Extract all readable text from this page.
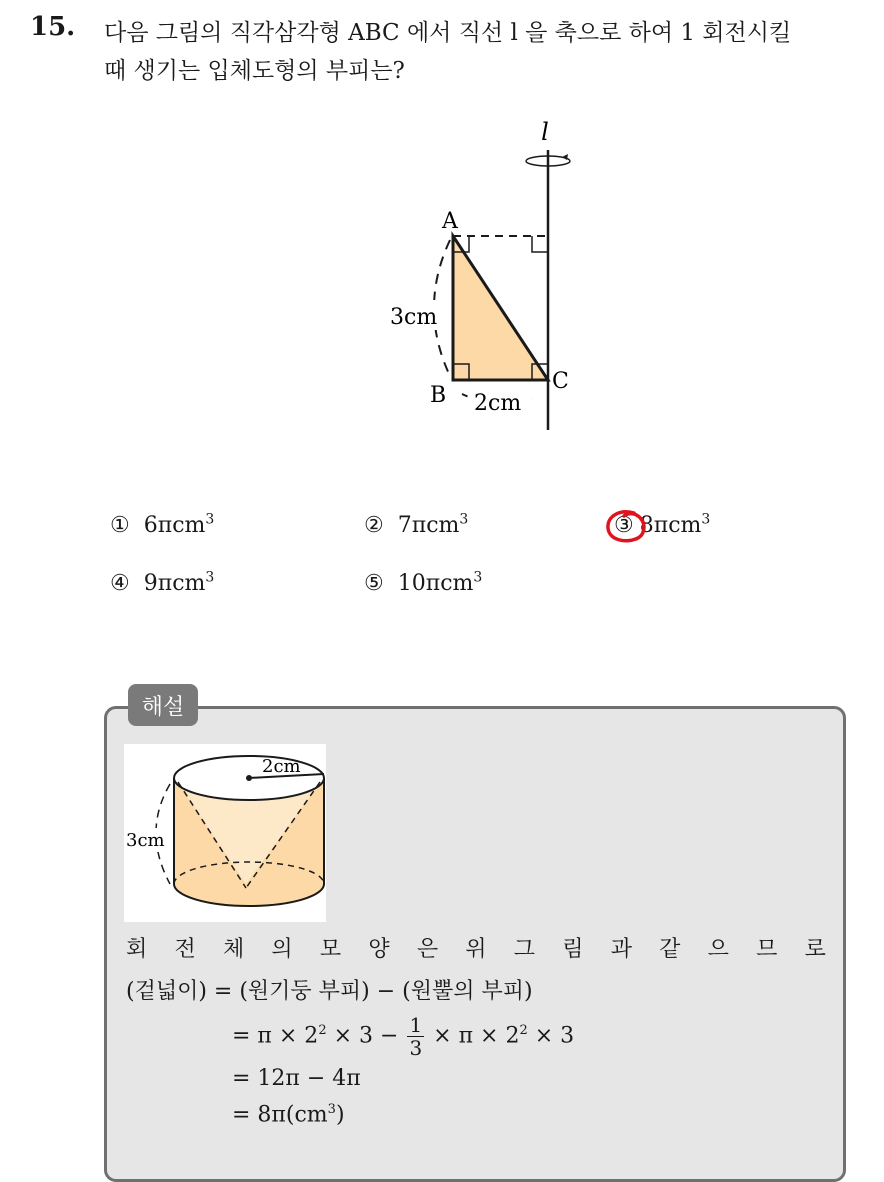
15. 다음 그림의 직각삼각형 ABC 에서 직선 l 을 축으로 하여 1 회전시킬
때 생기는 입체도형의 부피는?
l
3cm
2cm
A
B
C
① 6πcm$^3$	② 7πcm$^3$	③ 8πcm$^3$
④ 9πcm$^3$	⑤ 10πcm$^3$
해설
2cm
3cm
회 전 체 의 모 양 은 위 그 림 과 같 으 므 로
(겉넓이) = (원기둥 부피) − (원뿔의 부피)
= $\pi \times 2^2 \times 3 - \frac{1}{3} \times \pi \times 2^2 \times 3$
= 12π − 4π
= $8\pi(cm^3)$
